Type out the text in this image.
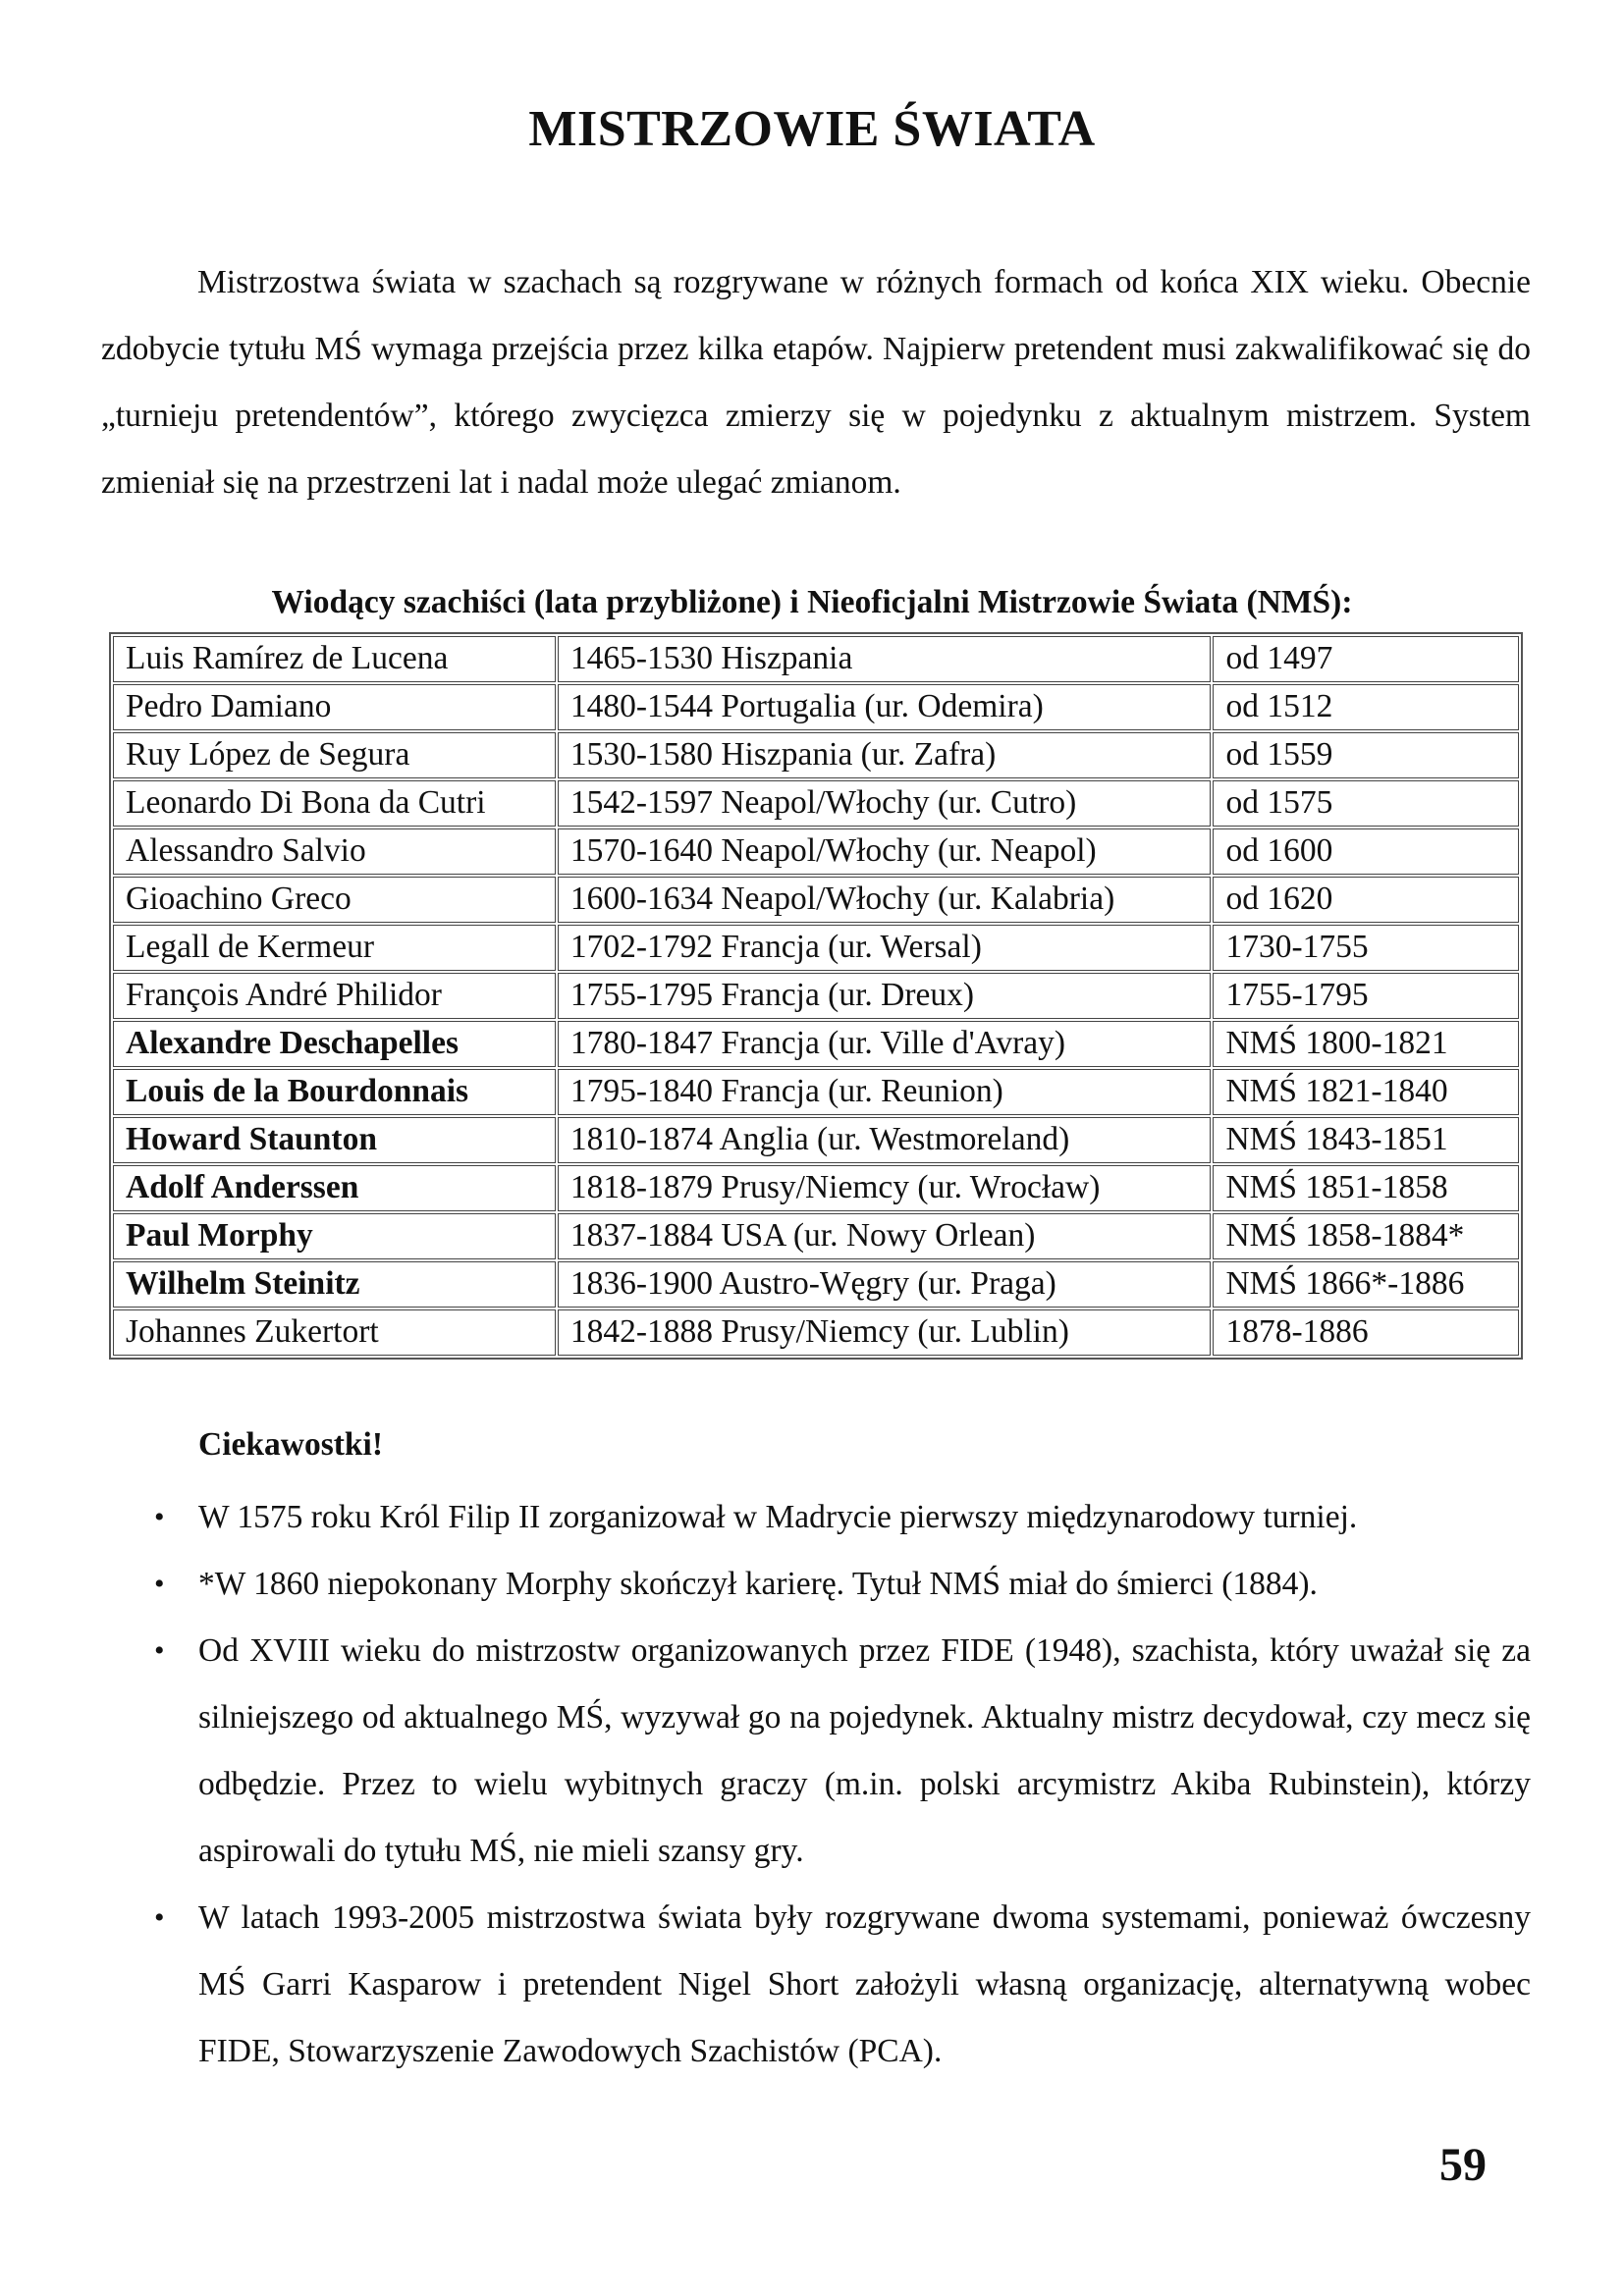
MISTRZOWIE ŚWIATA

Mistrzostwa świata w szachach są rozgrywane w różnych formach od końca XIX wieku. Obecnie zdobycie tytułu MŚ wymaga przejścia przez kilka etapów. Najpierw pretendent musi zakwalifikować się do „turnieju pretendentów”, którego zwycięzca zmierzy się w pojedynku z aktualnym mistrzem. System zmieniał się na przestrzeni lat i nadal może ulegać zmianom.

Wiodący szachiści (lata przybliżone) i Nieoficjalni Mistrzowie Świata (NMŚ):
Luis Ramírez de Lucena	1465-1530 Hiszpania	od 1497
Pedro Damiano	1480-1544 Portugalia (ur. Odemira)	od 1512
Ruy López de Segura	1530-1580 Hiszpania (ur. Zafra)	od 1559
Leonardo Di Bona da Cutri	1542-1597 Neapol/Włochy (ur. Cutro)	od 1575
Alessandro Salvio	1570-1640 Neapol/Włochy (ur. Neapol)	od 1600
Gioachino Greco	1600-1634 Neapol/Włochy (ur. Kalabria)	od 1620
Legall de Kermeur	1702-1792 Francja (ur. Wersal)	1730-1755
François André Philidor	1755-1795 Francja (ur. Dreux)	1755-1795
Alexandre Deschapelles	1780-1847 Francja (ur. Ville d'Avray)	NMŚ 1800-1821
Louis de la Bourdonnais	1795-1840 Francja (ur. Reunion)	NMŚ 1821-1840
Howard Staunton	1810-1874 Anglia (ur. Westmoreland)	NMŚ 1843-1851
Adolf Anderssen	1818-1879 Prusy/Niemcy (ur. Wrocław)	NMŚ 1851-1858
Paul Morphy	1837-1884 USA (ur. Nowy Orlean)	NMŚ 1858-1884*
Wilhelm Steinitz	1836-1900 Austro-Węgry (ur. Praga)	NMŚ 1866*-1886
Johannes Zukertort	1842-1888 Prusy/Niemcy (ur. Lublin)	1878-1886
Ciekawostki!
• W 1575 roku Król Filip II zorganizował w Madrycie pierwszy międzynarodowy turniej.
• *W 1860 niepokonany Morphy skończył karierę. Tytuł NMŚ miał do śmierci (1884).
• Od XVIII wieku do mistrzostw organizowanych przez FIDE (1948), szachista, który uważał się za silniejszego od aktualnego MŚ, wyzywał go na pojedynek. Aktualny mistrz decydował, czy mecz się odbędzie. Przez to wielu wybitnych graczy (m.in. polski arcymistrz Akiba Rubinstein), którzy aspirowali do tytułu MŚ, nie mieli szansy gry.
• W latach 1993-2005 mistrzostwa świata były rozgrywane dwoma systemami, ponieważ ówczesny MŚ Garri Kasparow i pretendent Nigel Short założyli własną organizację, alternatywną wobec FIDE, Stowarzyszenie Zawodowych Szachistów (PCA).
59
